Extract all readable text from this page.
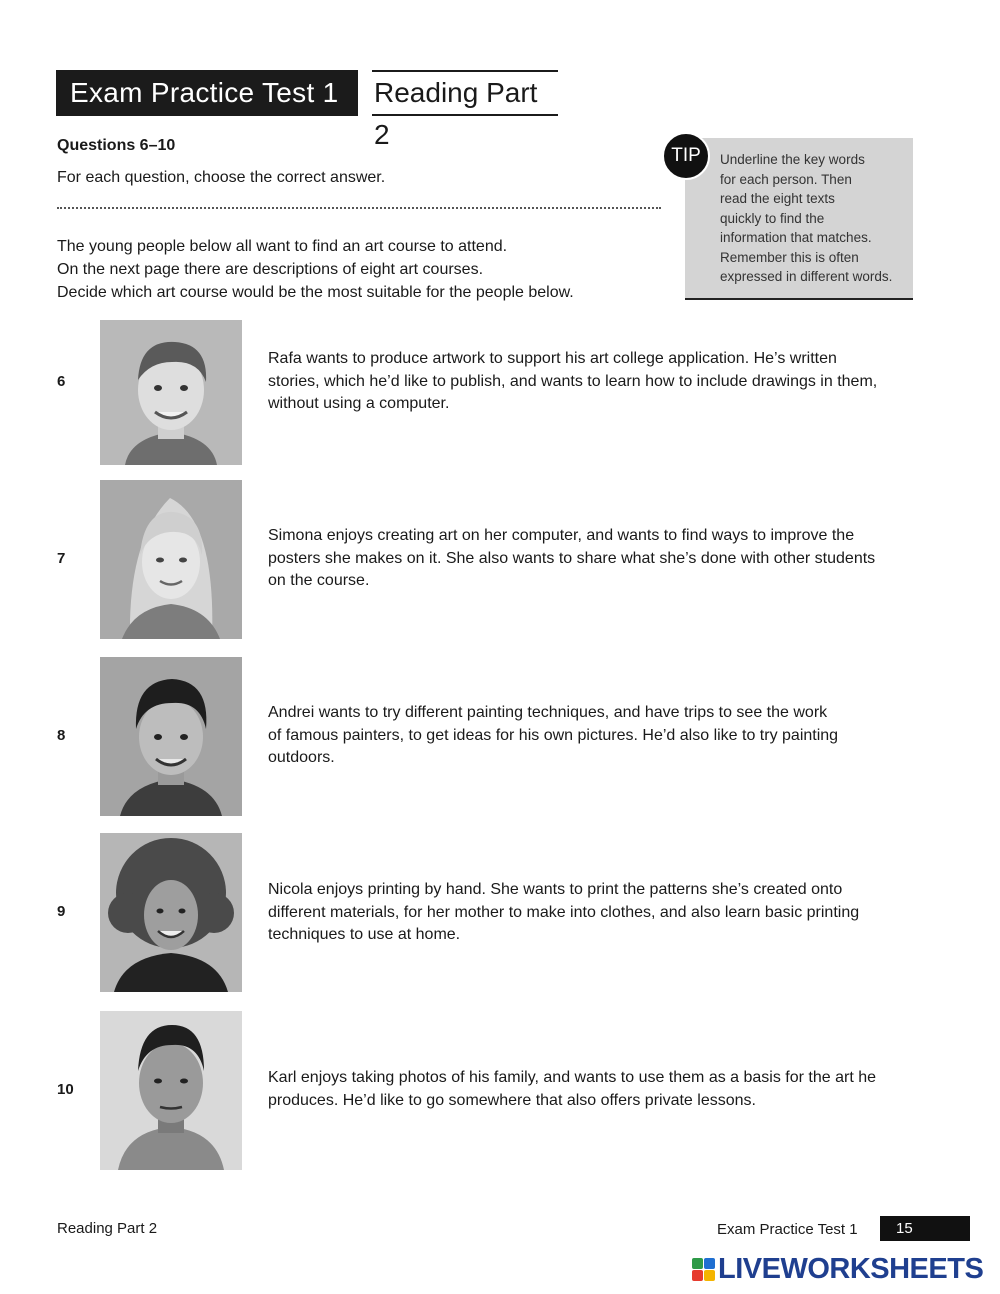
Exam Practice Test 1	Reading Part 2
Questions 6–10
For each question, choose the correct answer.
The young people below all want to find an art course to attend.
On the next page there are descriptions of eight art courses.
Decide which art course would be the most suitable for the people below.
Underline the key words
for each person. Then
read the eight texts
quickly to find the
information that matches.
Remember this is often
expressed in different words.
TIP
6
Rafa wants to produce artwork to support his art college application. He’s written
stories, which he’d like to publish, and wants to learn how to include drawings in them,
without using a computer.
7
Simona enjoys creating art on her computer, and wants to find ways to improve the
posters she makes on it. She also wants to share what she’s done with other students
on the course.
8
Andrei wants to try different painting techniques, and have trips to see the work
of famous painters, to get ideas for his own pictures. He’d also like to try painting
outdoors.
9
Nicola enjoys printing by hand. She wants to print the patterns she’s created onto
different materials, for her mother to make into clothes, and also learn basic printing
techniques to use at home.
10
Karl enjoys taking photos of his family, and wants to use them as a basis for the art he
produces. He’d like to go somewhere that also offers private lessons.
Reading Part 2	Exam Practice Test 1	15
LIVEWORKSHEETS
